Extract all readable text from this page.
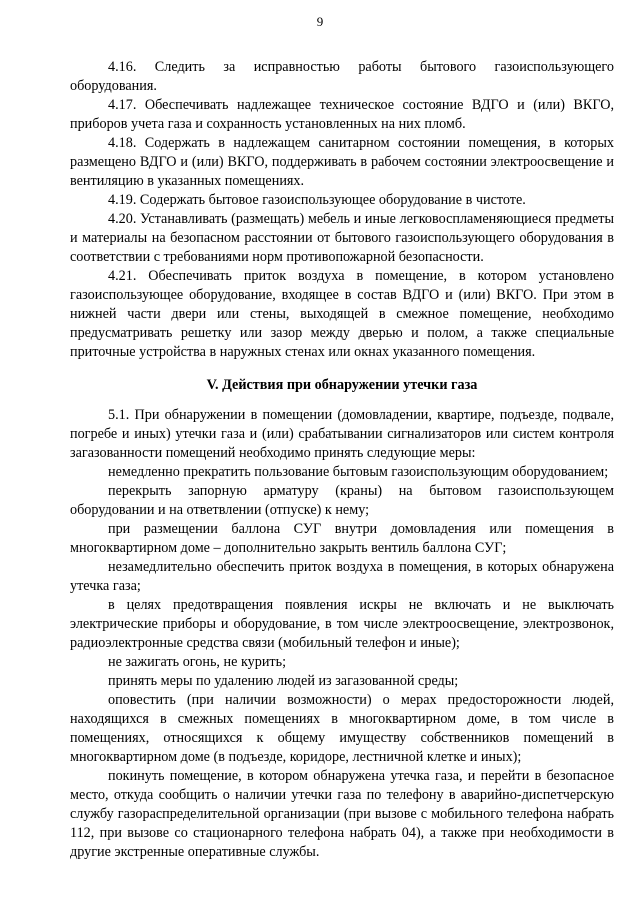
9

4.16. Следить за исправностью работы бытового газоиспользующего оборудования.

4.17. Обеспечивать надлежащее техническое состояние ВДГО и (или) ВКГО, приборов учета газа и сохранность установленных на них пломб.

4.18. Содержать в надлежащем санитарном состоянии помещения, в которых размещено ВДГО и (или) ВКГО, поддерживать в рабочем состоянии электроосвещение и вентиляцию в указанных помещениях.

4.19. Содержать бытовое газоиспользующее оборудование в чистоте.

4.20. Устанавливать (размещать) мебель и иные легковоспламеняющиеся предметы и материалы на безопасном расстоянии от бытового газоиспользующего оборудования в соответствии с требованиями норм противопожарной безопасности.

4.21. Обеспечивать приток воздуха в помещение, в котором установлено газоиспользующее оборудование, входящее в состав ВДГО и (или) ВКГО. При этом в нижней части двери или стены, выходящей в смежное помещение, необходимо предусматривать решетку или зазор между дверью и полом, а также специальные приточные устройства в наружных стенах или окнах указанного помещения.

V. Действия при обнаружении утечки газа

5.1. При обнаружении в помещении (домовладении, квартире, подъезде, подвале, погребе и иных) утечки газа и (или) срабатывании сигнализаторов или систем контроля загазованности помещений необходимо принять следующие меры:

немедленно прекратить пользование бытовым газоиспользующим оборудованием;

перекрыть запорную арматуру (краны) на бытовом газоиспользующем оборудовании и на ответвлении (отпуске) к нему;

при размещении баллона СУГ внутри домовладения или помещения в многоквартирном доме – дополнительно закрыть вентиль баллона СУГ;

незамедлительно обеспечить приток воздуха в помещения, в которых обнаружена утечка газа;

в целях предотвращения появления искры не включать и не выключать электрические приборы и оборудование, в том числе электроосвещение, электрозвонок, радиоэлектронные средства связи (мобильный телефон и иные);

не зажигать огонь, не курить;

принять меры по удалению людей из загазованной среды;

оповестить (при наличии возможности) о мерах предосторожности людей, находящихся в смежных помещениях в многоквартирном доме, в том числе в помещениях, относящихся к общему имуществу собственников помещений в многоквартирном доме (в подъезде, коридоре, лестничной клетке и иных);

покинуть помещение, в котором обнаружена утечка газа, и перейти в безопасное место, откуда сообщить о наличии утечки газа по телефону в аварийно-диспетчерскую службу газораспределительной организации (при вызове с мобильного телефона набрать 112, при вызове со стационарного телефона набрать 04), а также при необходимости в другие экстренные оперативные службы.
